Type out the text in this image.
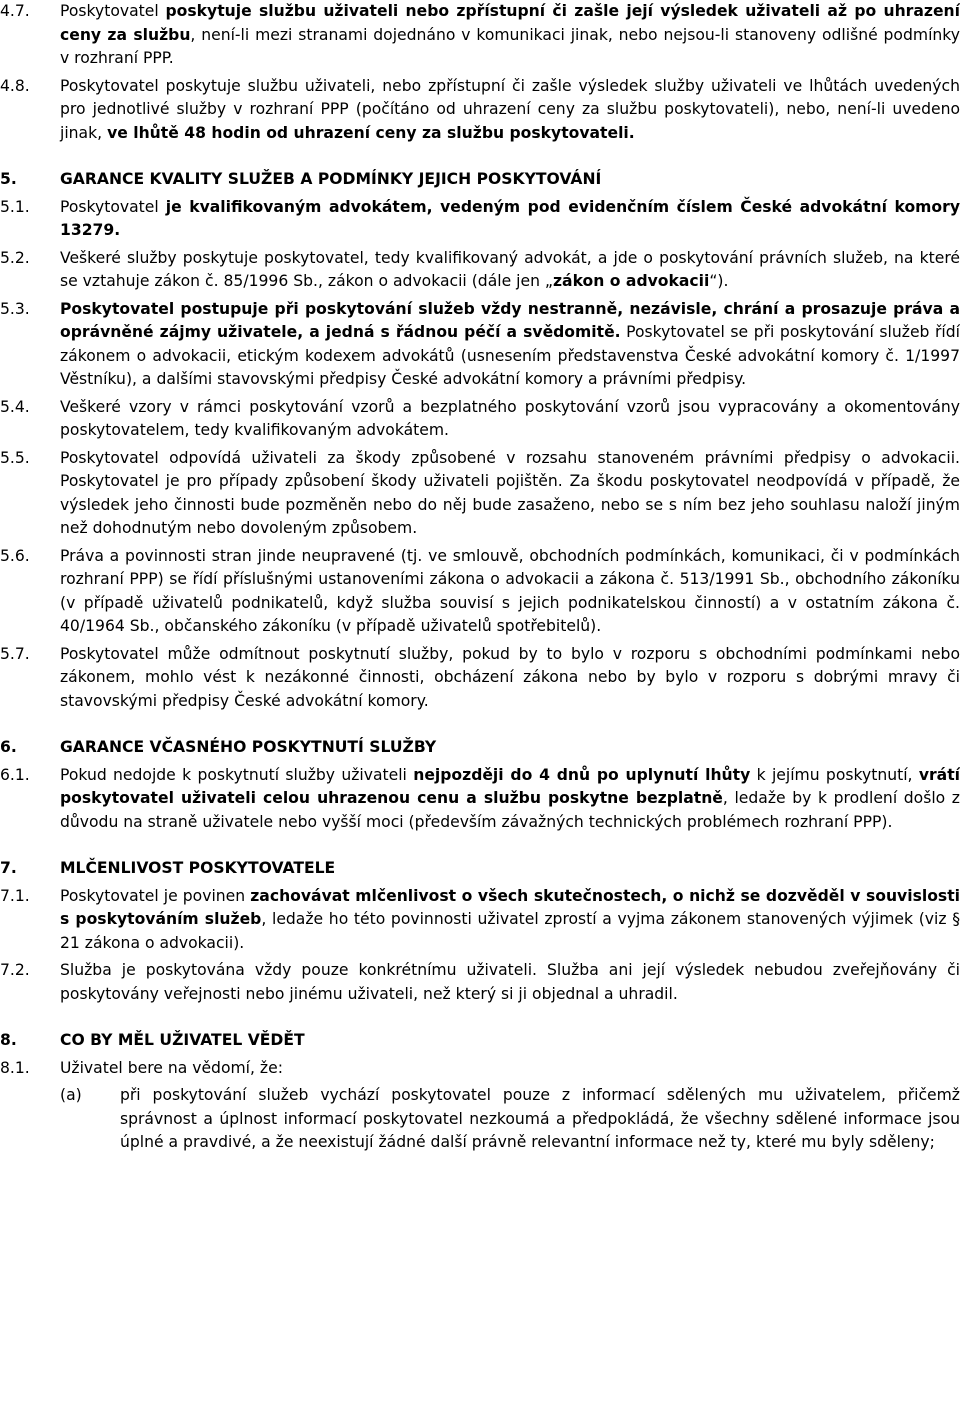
4.7.	Poskytovatel poskytuje službu uživateli nebo zpřístupní či zašle její výsledek uživateli až po uhrazení ceny za službu, není-li mezi stranami dojednáno v komunikaci jinak, nebo nejsou-li stanoveny odlišné podmínky v rozhraní PPP.

4.8.	Poskytovatel poskytuje službu uživateli, nebo zpřístupní či zašle výsledek služby uživateli ve lhůtách uvedených pro jednotlivé služby v rozhraní PPP (počítáno od uhrazení ceny za službu poskytovateli), nebo, není-li uvedeno jinak, ve lhůtě 48 hodin od uhrazení ceny za službu poskytovateli.

5.	GARANCE KVALITY SLUŽEB A PODMÍNKY JEJICH POSKYTOVÁNÍ
5.1.	Poskytovatel je kvalifikovaným advokátem, vedeným pod evidenčním číslem České advokátní komory 13279.

5.2.	Veškeré služby poskytuje poskytovatel, tedy kvalifikovaný advokát, a jde o poskytování právních služeb, na které se vztahuje zákon č. 85/1996 Sb., zákon o advokacii (dále jen „zákon o advokacii“).

5.3.	Poskytovatel postupuje při poskytování služeb vždy nestranně, nezávisle, chrání a prosazuje práva a oprávněné zájmy uživatele, a jedná s řádnou péčí a svědomitě. Poskytovatel se při poskytování služeb řídí zákonem o advokacii, etickým kodexem advokátů (usnesením představenstva České advokátní komory č. 1/1997 Věstníku), a dalšími stavovskými předpisy České advokátní komory a právními předpisy.

5.4.	Veškeré vzory v rámci poskytování vzorů a bezplatného poskytování vzorů jsou vypracovány a okomentovány poskytovatelem, tedy kvalifikovaným advokátem.

5.5.	Poskytovatel odpovídá uživateli za škody způsobené v rozsahu stanoveném právními předpisy o advokacii. Poskytovatel je pro případy způsobení škody uživateli pojištěn. Za škodu poskytovatel neodpovídá v případě, že výsledek jeho činnosti bude pozměněn nebo do něj bude zasaženo, nebo se s ním bez jeho souhlasu naloží jiným než dohodnutým nebo dovoleným způsobem.

5.6.	Práva a povinnosti stran jinde neupravené (tj. ve smlouvě, obchodních podmínkách, komunikaci, či v podmínkách rozhraní PPP) se řídí příslušnými ustanoveními zákona o advokacii a zákona č. 513/1991 Sb., obchodního zákoníku (v případě uživatelů podnikatelů, když služba souvisí s jejich podnikatelskou činností) a v ostatním zákona č. 40/1964 Sb., občanského zákoníku (v případě uživatelů spotřebitelů).

5.7.	Poskytovatel může odmítnout poskytnutí služby, pokud by to bylo v rozporu s obchodními podmínkami nebo zákonem, mohlo vést k nezákonné činnosti, obcházení zákona nebo by bylo v rozporu s dobrými mravy či stavovskými předpisy České advokátní komory.

6.	GARANCE VČASNÉHO POSKYTNUTÍ SLUŽBY
6.1.	Pokud nedojde k poskytnutí služby uživateli nejpozději do 4 dnů po uplynutí lhůty k jejímu poskytnutí, vrátí poskytovatel uživateli celou uhrazenou cenu a službu poskytne bezplatně, ledaže by k prodlení došlo z důvodu na straně uživatele nebo vyšší moci (především závažných technických problémech rozhraní PPP).

7.	MLČENLIVOST POSKYTOVATELE
7.1.	Poskytovatel je povinen zachovávat mlčenlivost o všech skutečnostech, o nichž se dozvěděl v souvislosti s poskytováním služeb, ledaže ho této povinnosti uživatel zprostí a vyjma zákonem stanovených výjimek (viz § 21 zákona o advokacii).

7.2.	Služba je poskytována vždy pouze konkrétnímu uživateli. Služba ani její výsledek nebudou zveřejňovány či poskytovány veřejnosti nebo jinému uživateli, než který si ji objednal a uhradil.

8.	CO BY MĚL UŽIVATEL VĚDĚT
8.1.	Uživatel bere na vědomí, že:

(a) při poskytování služeb vychází poskytovatel pouze z informací sdělených mu uživatelem, přičemž správnost a úplnost informací poskytovatel nezkoumá a předpokládá, že všechny sdělené informace jsou úplné a pravdivé, a že neexistují žádné další právně relevantní informace než ty, které mu byly sděleny;
